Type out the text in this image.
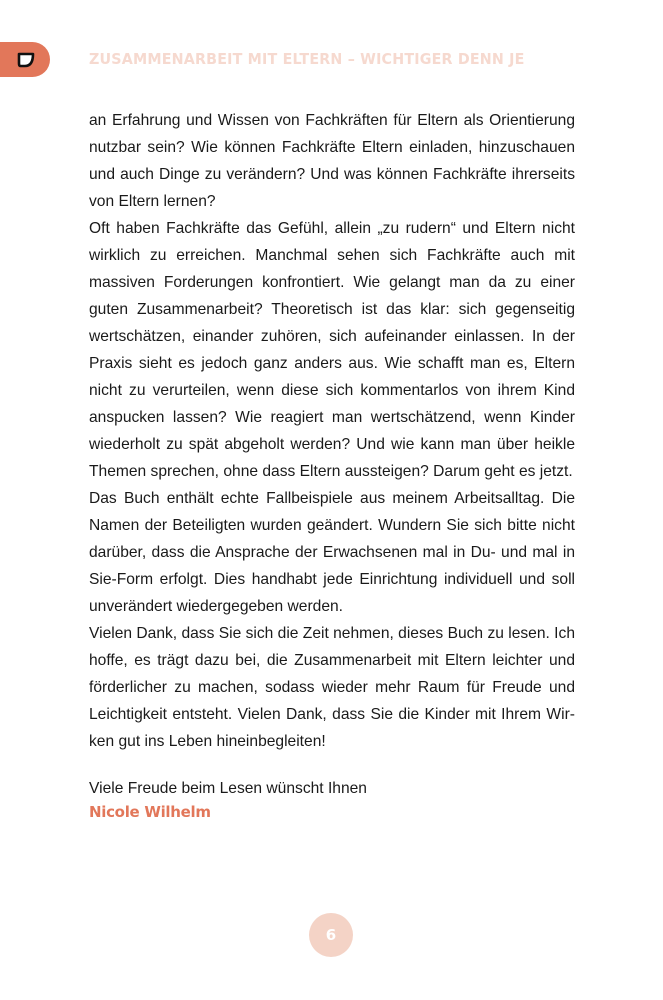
ZUSAMMENARBEIT MIT ELTERN – WICHTIGER DENN JE

an Erfahrung und Wissen von Fachkräften für Eltern als Orientierung nutzbar sein? Wie können Fachkräfte Eltern einladen, hinzuschauen und auch Dinge zu verändern? Und was können Fachkräfte ihrerseits von Eltern lernen?

Oft haben Fachkräfte das Gefühl, allein „zu rudern“ und Eltern nicht wirklich zu erreichen. Manchmal sehen sich Fachkräfte auch mit massiven Forderungen konfrontiert. Wie gelangt man da zu einer guten Zusammenarbeit? Theoretisch ist das klar: sich gegenseitig wertschätzen, einander zuhören, sich aufeinander einlassen. In der Praxis sieht es jedoch ganz anders aus. Wie schafft man es, Eltern nicht zu verurteilen, wenn diese sich kommentarlos von ihrem Kind anspucken lassen? Wie reagiert man wertschätzend, wenn Kinder wiederholt zu spät abgeholt werden? Und wie kann man über heikle Themen sprechen, ohne dass Eltern aussteigen? Darum geht es jetzt.

Das Buch enthält echte Fallbeispiele aus meinem Arbeitsalltag. Die Namen der Beteiligten wurden geändert. Wundern Sie sich bitte nicht darüber, dass die Ansprache der Erwachsenen mal in Du- und mal in Sie-Form erfolgt. Dies handhabt jede Einrichtung individuell und soll unverändert wiedergegeben werden.

Vielen Dank, dass Sie sich die Zeit nehmen, dieses Buch zu lesen. Ich hoffe, es trägt dazu bei, die Zusammenarbeit mit Eltern leichter und förderlicher zu machen, sodass wieder mehr Raum für Freude und Leichtigkeit entsteht. Vielen Dank, dass Sie die Kinder mit Ihrem Wirken gut ins Leben hineinbegleiten!

Viele Freude beim Lesen wünscht Ihnen
Nicole Wilhelm
6
